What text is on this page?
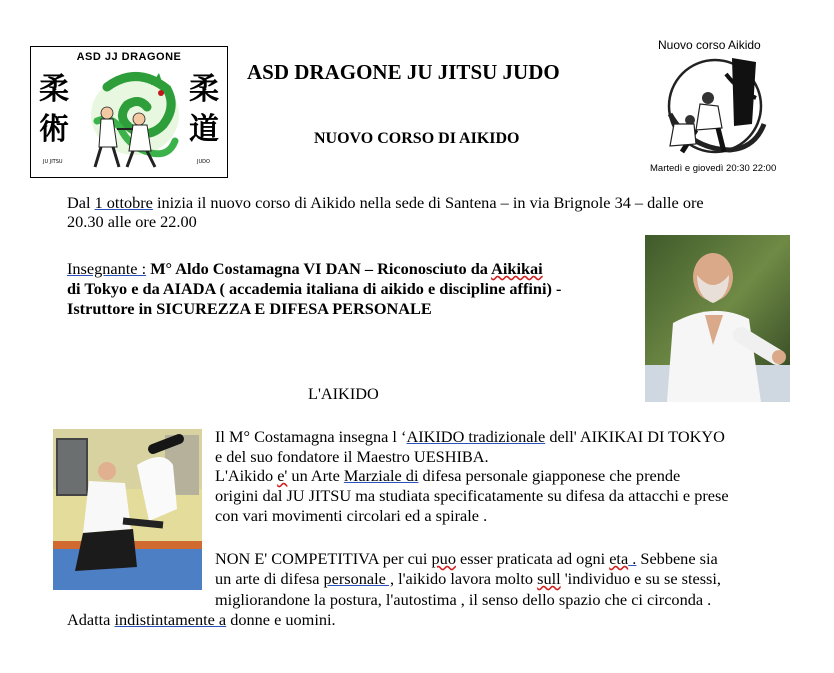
ASD JJ DRAGONE
柔
術
柔
道
JU JITSU	JUDO
ASD DRAGONE JU JITSU JUDO
NUOVO CORSO DI AIKIDO
Nuovo corso Aikido
Martedì e giovedì 20:30 22:00
Dal 1 ottobre inizia il nuovo corso di Aikido nella sede di Santena – in via Brignole 34 – dalle ore
20.30 alle ore 22.00
Insegnante : M° Aldo Costamagna VI DAN – Riconosciuto da Aikikai
di Tokyo e da AIADA ( accademia italiana di aikido e discipline affini) -
Istruttore in SICUREZZA E DIFESA PERSONALE
L'AIKIDO
Il M° Costamagna insegna l ‘AIKIDO tradizionale dell' AIKIKAI DI TOKYO
e del suo fondatore il Maestro UESHIBA.
L'Aikido e' un Arte Marziale di difesa personale giapponese che prende
origini dal JU JITSU ma studiata specificatamente su difesa da attacchi e prese
con vari movimenti circolari ed a spirale .
NON E' COMPETITIVA per cui puo esser praticata ad ogni eta . Sebbene sia
un arte di difesa personale , l'aikido lavora molto sull 'individuo e su se stessi,
migliorandone la postura, l'autostima , il senso dello spazio che ci circonda .
Adatta indistintamente a donne e uomini.
